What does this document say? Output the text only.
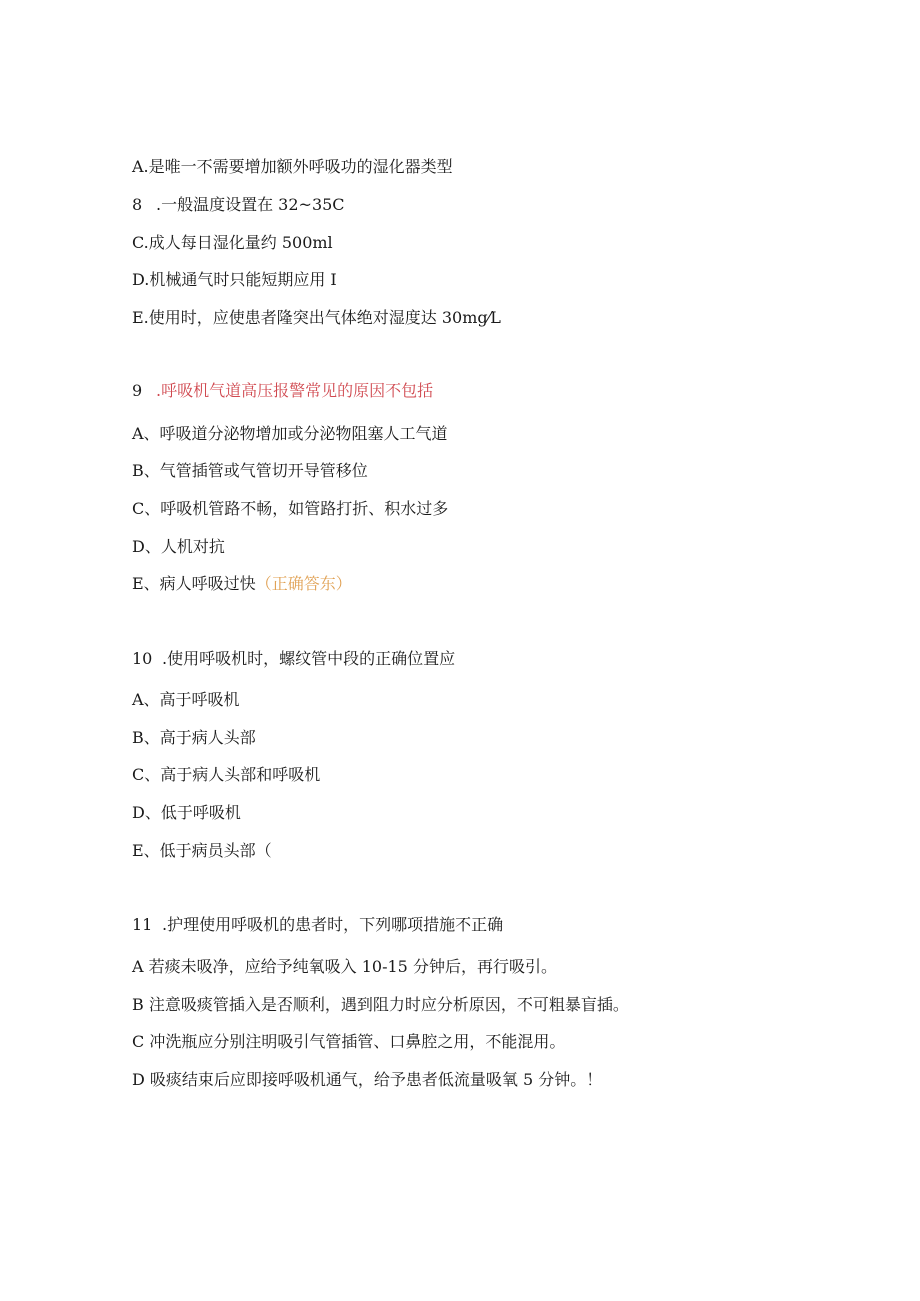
A.是唯一不需要增加额外呼吸功的湿化器类型
8 .一般温度设置在 32~35C
C.成人每日湿化量约 500ml
D.机械通气时只能短期应用 I
E.使用时，应使患者隆突出气体绝对湿度达 30mg⁄L
9 .呼吸机气道高压报警常见的原因不包括
A、呼吸道分泌物增加或分泌物阻塞人工气道
B、气管插管或气管切开导管移位
C、呼吸机管路不畅，如管路打折、积水过多
D、人机对抗
E、病人呼吸过快（正确答东）
10 .使用呼吸机时，螺纹管中段的正确位置应
A、高于呼吸机
B、高于病人头部
C、高于病人头部和呼吸机
D、低于呼吸机
E、低于病员头部（
11 .护理使用呼吸机的患者时，下列哪项措施不正确
A 若痰未吸净，应给予纯氧吸入 10-15 分钟后，再行吸引。
B 注意吸痰管插入是否顺利，遇到阻力时应分析原因，不可粗暴盲插。
C 冲洗瓶应分别注明吸引气管插管、口鼻腔之用，不能混用。
D 吸痰结束后应即接呼吸机通气，给予患者低流量吸氧 5 分钟。！
